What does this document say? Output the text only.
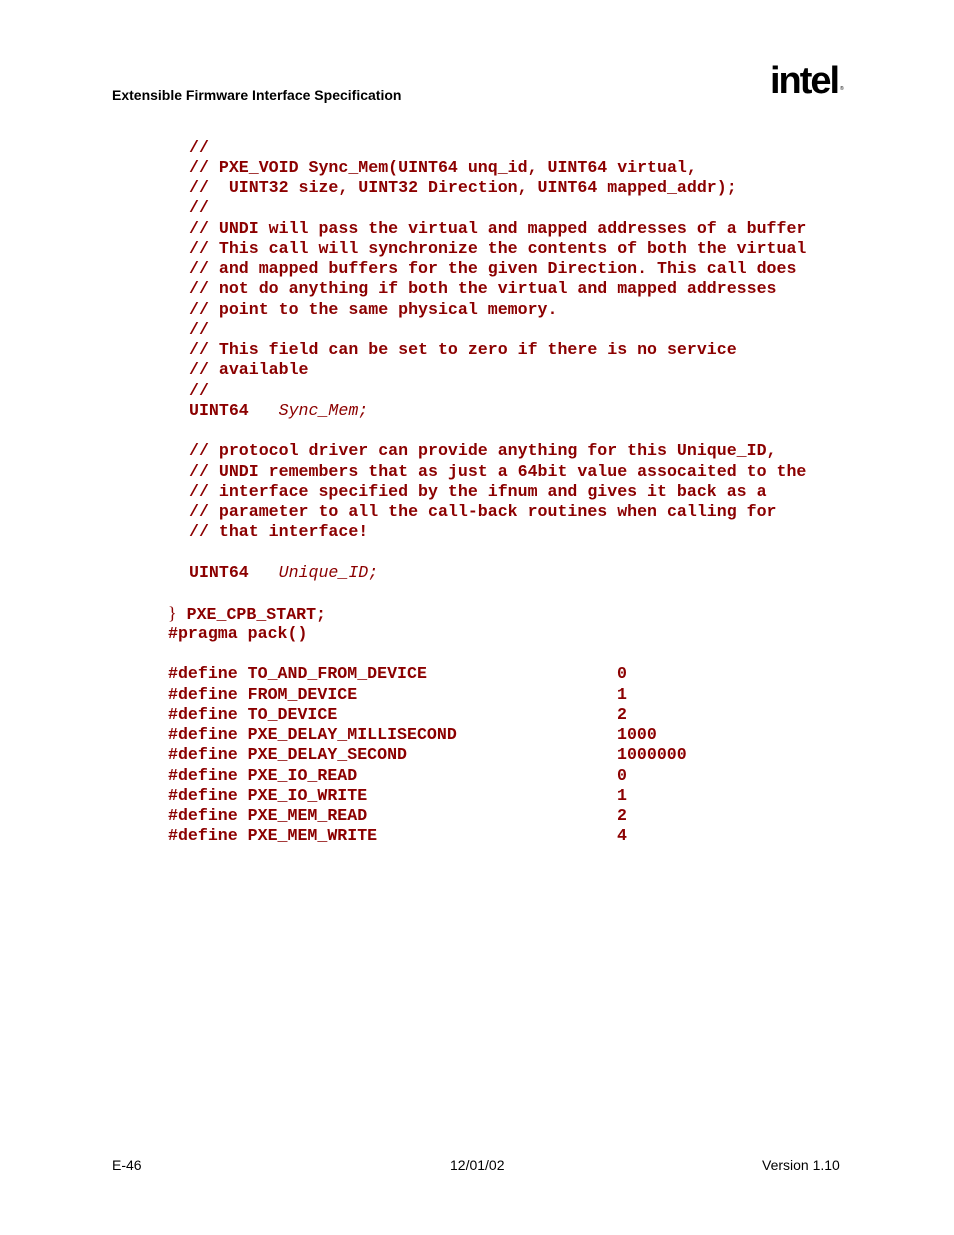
Extensible Firmware Interface Specification	intel ®
//
// PXE_VOID Sync_Mem(UINT64 unq_id, UINT64 virtual,
//  UINT32 size, UINT32 Direction, UINT64 mapped_addr);
//
// UNDI will pass the virtual and mapped addresses of a buffer
// This call will synchronize the contents of both the virtual
// and mapped buffers for the given Direction. This call does
// not do anything if both the virtual and mapped addresses
// point to the same physical memory.
//
// This field can be set to zero if there is no service
// available
//
UINT64 Sync_Mem;
// protocol driver can provide anything for this Unique_ID,
// UNDI remembers that as just a 64bit value assocaited to the
// interface specified by the ifnum and gives it back as a
// parameter to all the call-back routines when calling for
// that interface!
UINT64 Unique_ID;
} PXE_CPB_START;
#pragma pack()
#define TO_AND_FROM_DEVICE	0
#define FROM_DEVICE	1
#define TO_DEVICE	2
#define PXE_DELAY_MILLISECOND	1000
#define PXE_DELAY_SECOND	1000000
#define PXE_IO_READ	0
#define PXE_IO_WRITE	1
#define PXE_MEM_READ	2
#define PXE_MEM_WRITE	4
E-46	12/01/02	Version 1.10
